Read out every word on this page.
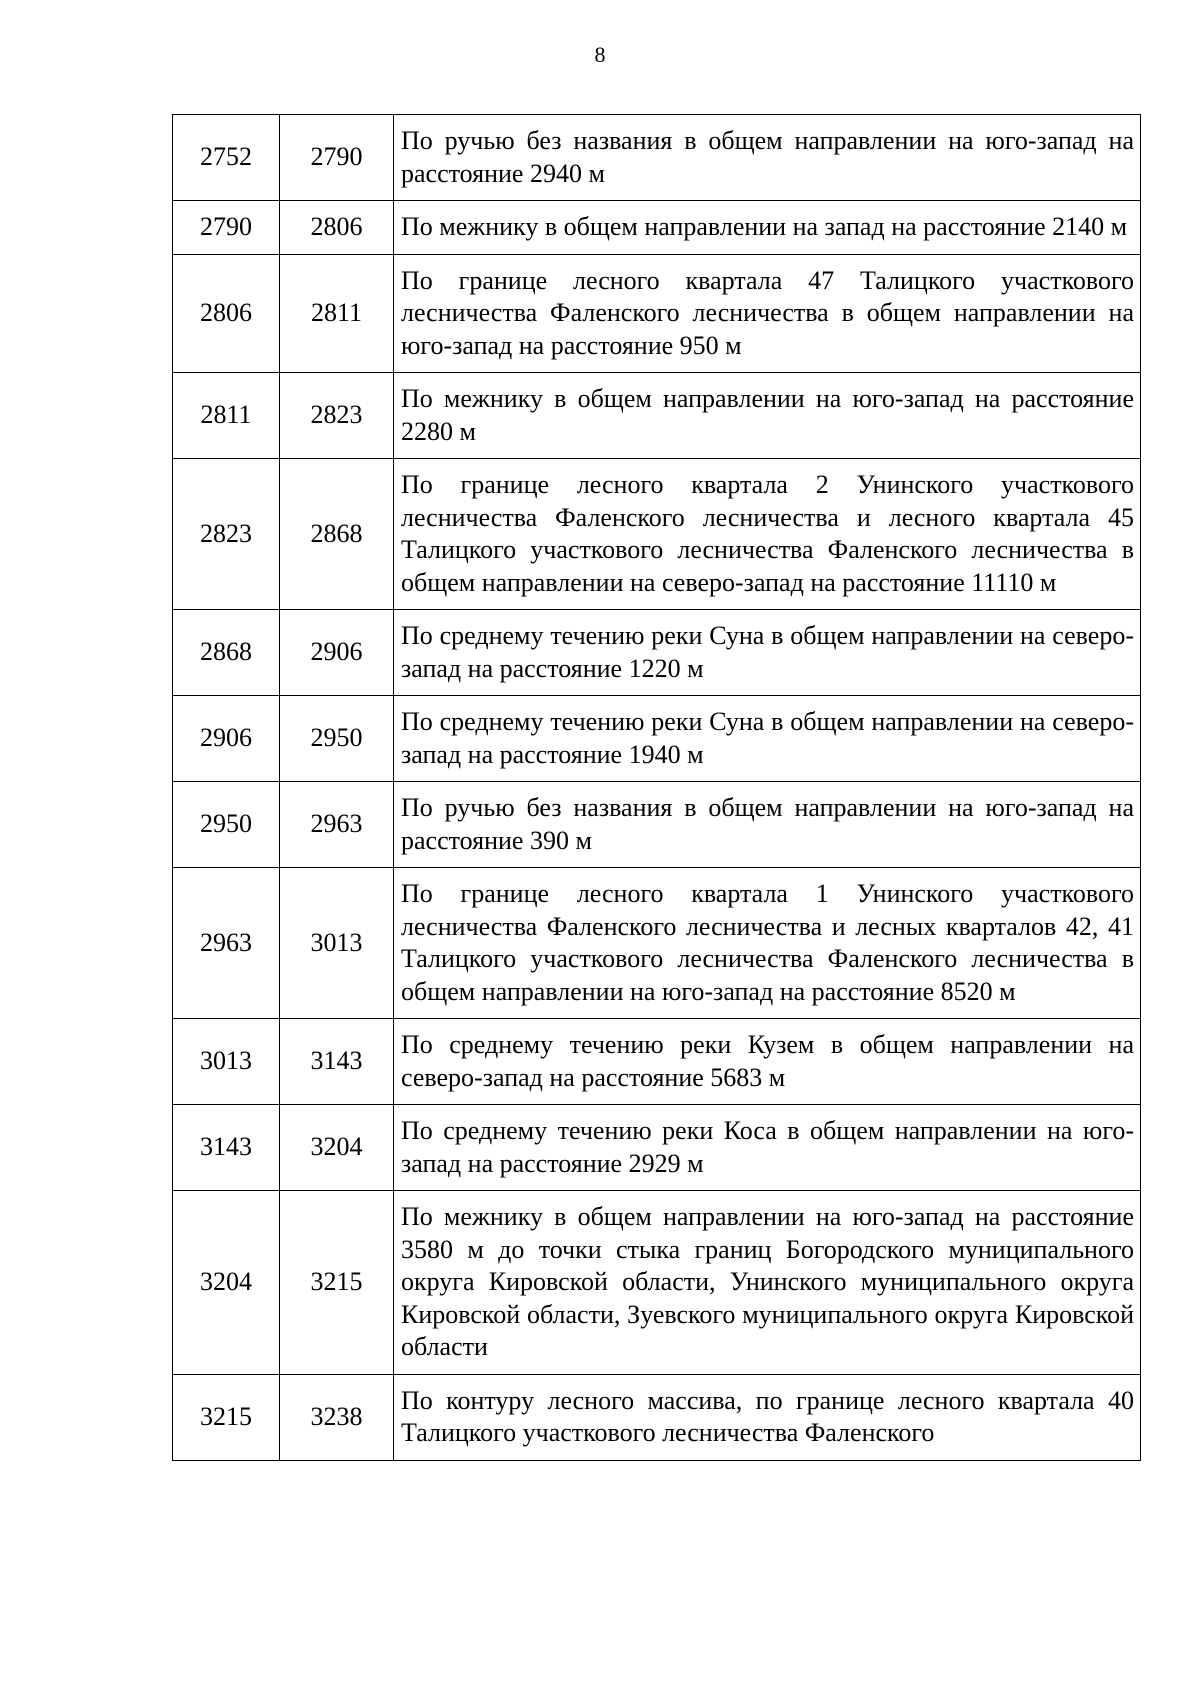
8
2752	2790	По ручью без названия в общем направлении на юго-запад на расстояние 2940 м
2790	2806	По межнику в общем направлении на запад на расстояние 2140 м
2806	2811	По границе лесного квартала 47 Талицкого участкового лесничества Фаленского лесничества в общем направлении на юго-запад на расстояние 950 м
2811	2823	По межнику в общем направлении на юго-запад на расстояние 2280 м
2823	2868	По границе лесного квартала 2 Унинского участкового лесничества Фаленского лесничества и лесного квартала 45 Талицкого участкового лесничества Фаленского лесничества в общем направлении на северо-запад на расстояние 11110 м
2868	2906	По среднему течению реки Суна в общем направлении на северо-запад на расстояние 1220 м
2906	2950	По среднему течению реки Суна в общем направлении на северо-запад на расстояние 1940 м
2950	2963	По ручью без названия в общем направлении на юго-запад на расстояние 390 м
2963	3013	По границе лесного квартала 1 Унинского участкового лесничества Фаленского лесничества и лесных кварталов 42, 41 Талицкого участкового лесничества Фаленского лесничества в общем направлении на юго-запад на расстояние 8520 м
3013	3143	По среднему течению реки Кузем в общем направлении на северо-запад на расстояние 5683 м
3143	3204	По среднему течению реки Коса в общем направлении на юго-запад на расстояние 2929 м
3204	3215	По межнику в общем направлении на юго-запад на расстояние 3580 м до точки стыка границ Богородского муниципального округа Кировской области, Унинского муниципального округа Кировской области, Зуевского муниципального округа Кировской области
3215	3238	По контуру лесного массива, по границе лесного квартала 40 Талицкого участкового лесничества Фаленского
